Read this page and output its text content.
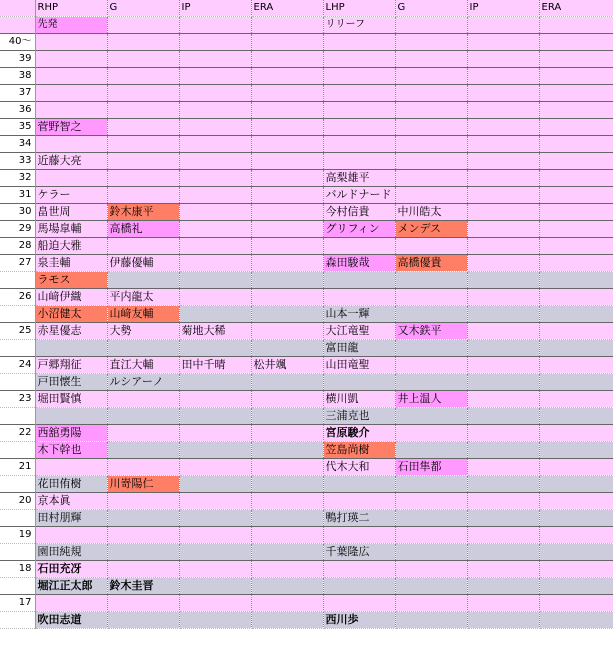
	RHP	G	IP	ERA	LHP	G	IP	ERA
	先発				リリーフ			
40～								
39								
38								
37								
36								
35	菅野智之							
34								
33	近藤大亮							
32					高梨雄平			
31	ケラー				バルドナード			
30	畠世周	鈴木康平			今村信貴	中川皓太		
29	馬場皐輔	高橋礼			グリフィン	メンデス		
28	船迫大雅							
27	泉圭輔	伊藤優輔			森田駿哉	高橋優貴		
	ラモス							
26	山﨑伊織	平内龍太						
	小沼健太	山﨑友輔			山本一輝			
25	赤星優志	大勢	菊地大稀		大江竜聖	又木鉄平		
					富田龍			
24	戸郷翔征	直江大輔	田中千晴	松井颯	山田竜聖			
	戸田懐生	ルシアーノ						
23	堀田賢慎				横川凱	井上温人		
					三浦克也			
22	西舘勇陽				宮原駿介			
	木下幹也				笠島尚樹			
21					代木大和	石田隼都		
	花田侑樹	川嵜陽仁						
20	京本眞							
	田村朋輝				鴨打瑛二			
19								
	園田純規				千葉隆広			
18	石田充冴							
	堀江正太郎	鈴木圭晋						
17								
	吹田志道				西川歩			
